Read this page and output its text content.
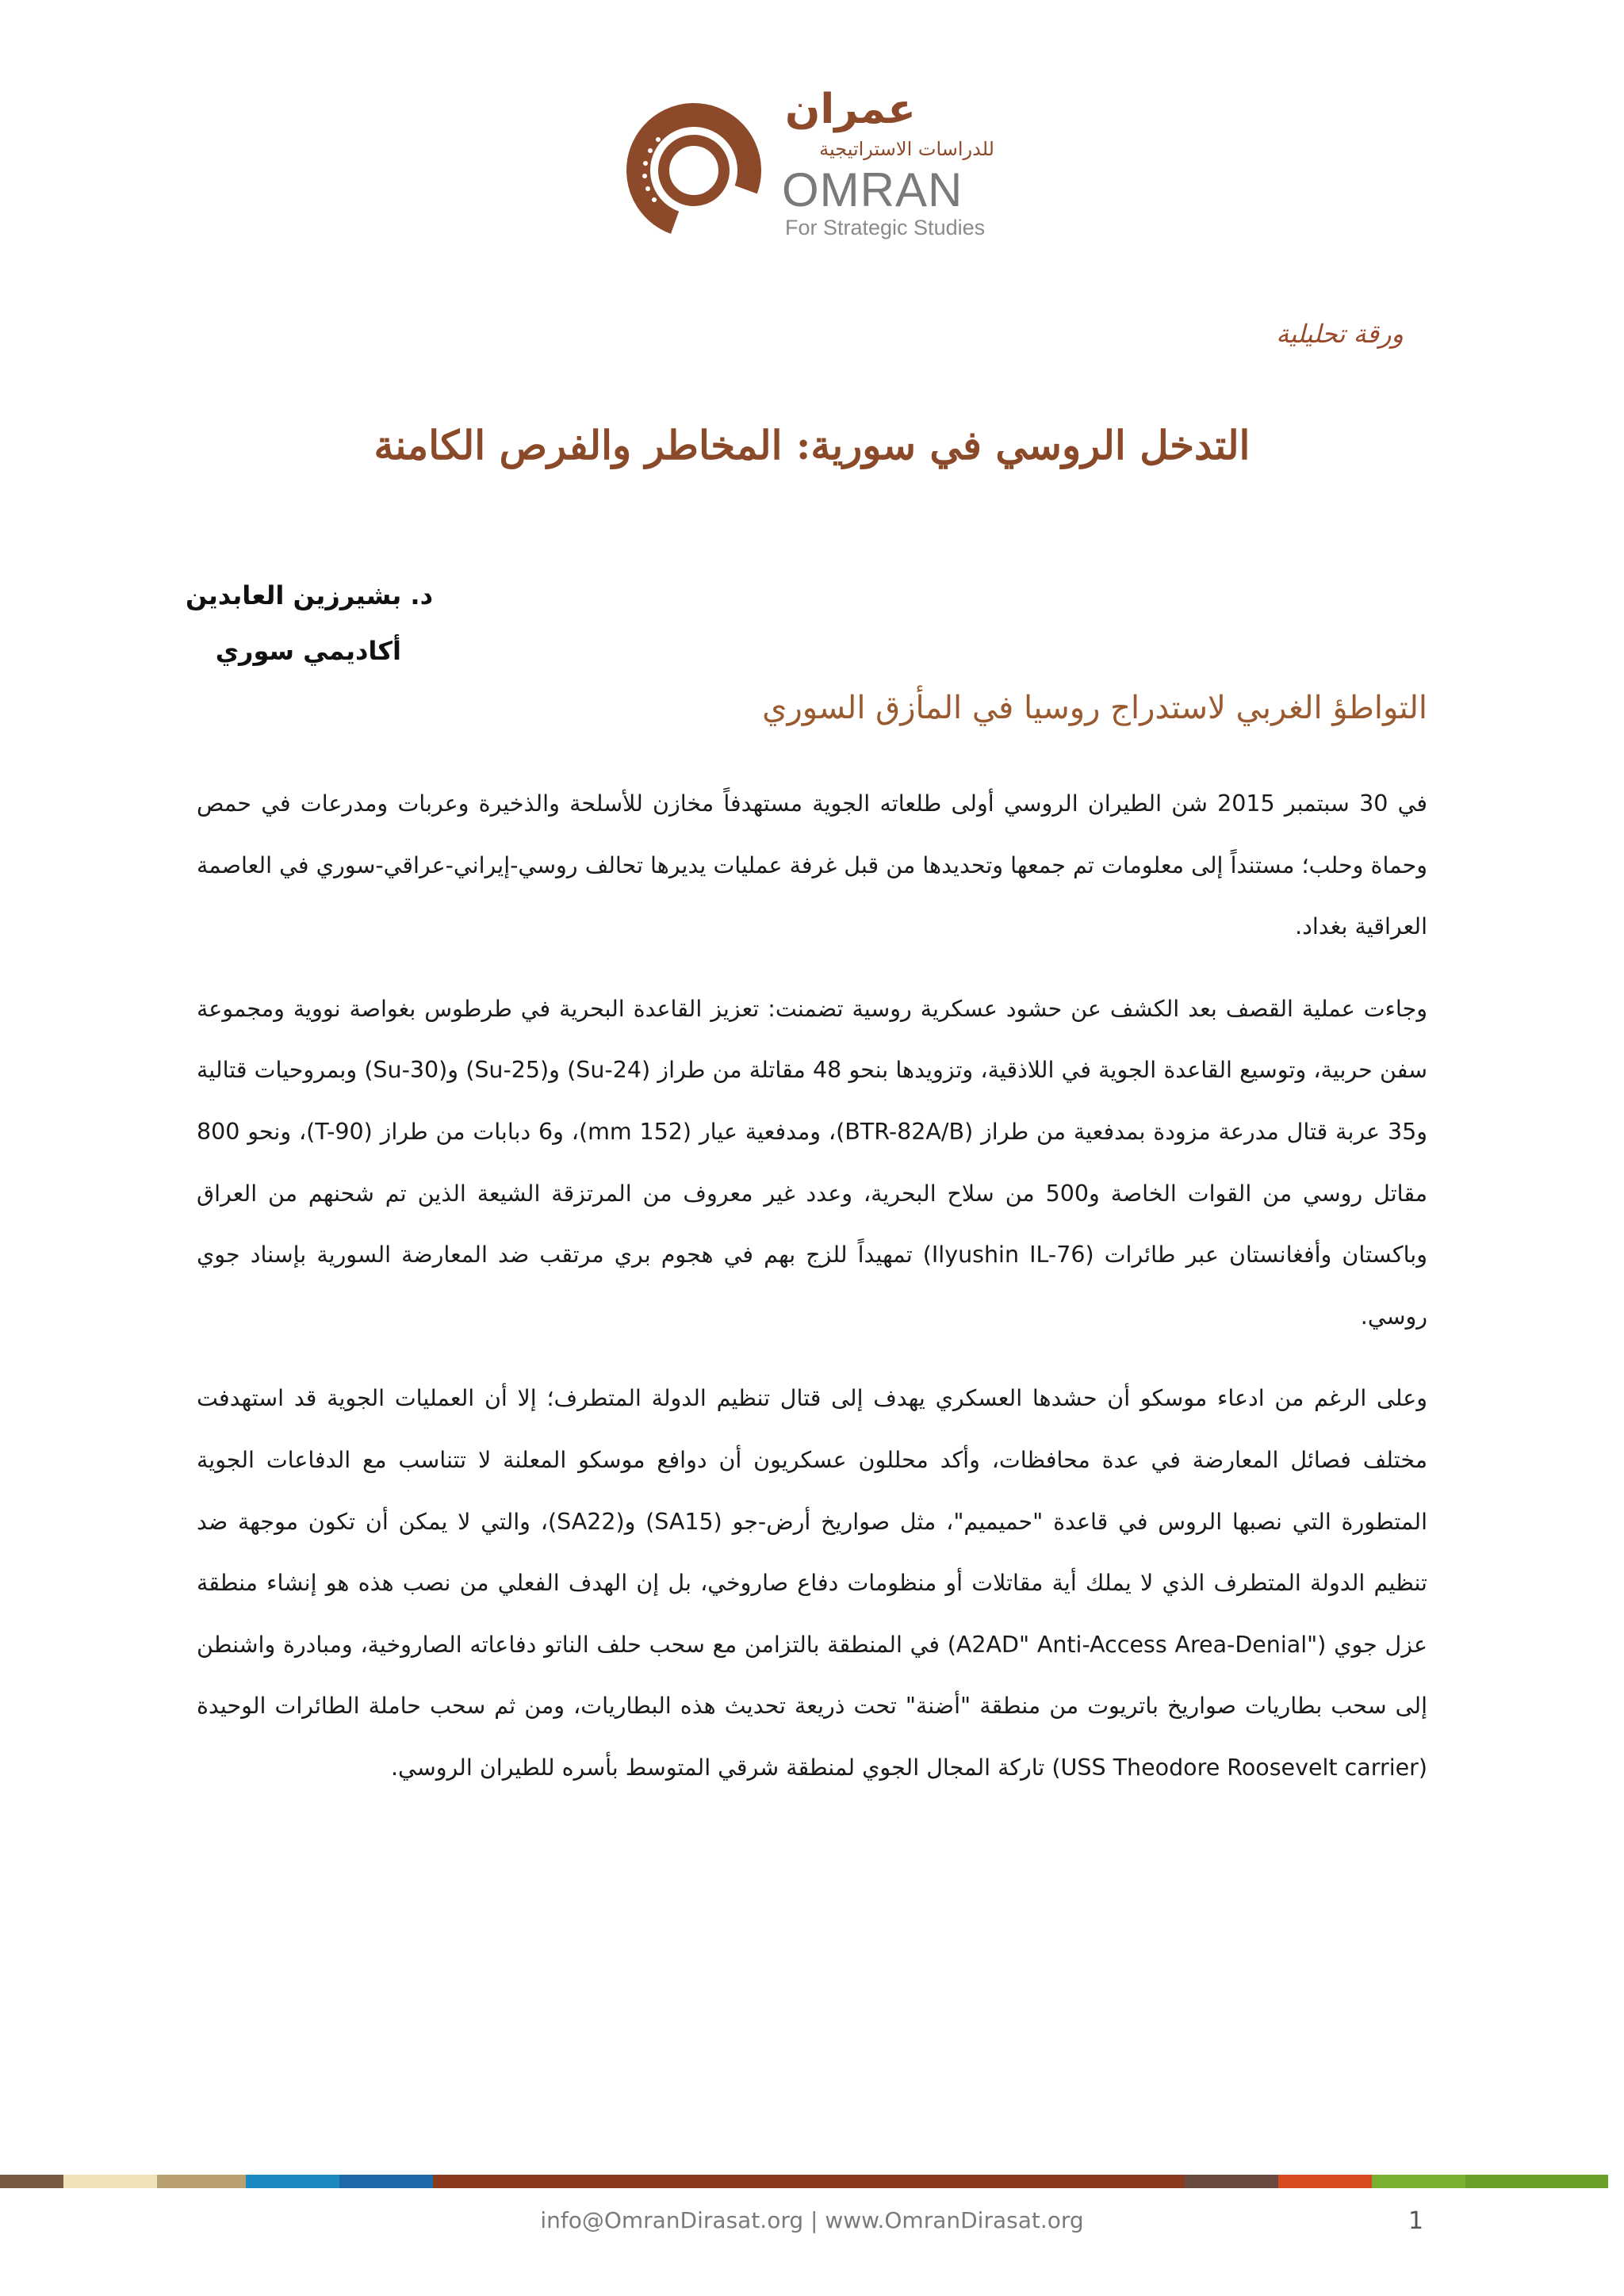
عمران
للدراسات الاستراتيجية
OMRAN
For Strategic Studies
ورقة تحليلية
التدخل الروسي في سورية: المخاطر والفرص الكامنة
د. بشيرزين العابدين
أكاديمي سوري
التواطؤ الغربي لاستدراج روسيا في المأزق السوري

في 30 سبتمبر 2015 شن الطيران الروسي أولى طلعاته الجوية مستهدفاً مخازن للأسلحة والذخيرة وعربات ومدرعات في حمص وحماة وحلب؛ مستنداً إلى معلومات تم جمعها وتحديدها من قبل غرفة عمليات يديرها تحالف روسي-إيراني-عراقي-سوري في العاصمة العراقية بغداد.

وجاءت عملية القصف بعد الكشف عن حشود عسكرية روسية تضمنت: تعزيز القاعدة البحرية في طرطوس بغواصة نووية ومجموعة سفن حربية، وتوسيع القاعدة الجوية في اللاذقية، وتزويدها بنحو 48 مقاتلة من طراز (Su-24) و(Su-25) و(Su-30) وبمروحيات قتالية و35 عربة قتال مدرعة مزودة بمدفعية من طراز (BTR-82A/B)، ومدفعية عيار (152 mm)، و6 دبابات من طراز (T-90)، ونحو 800 مقاتل روسي من القوات الخاصة و500 من سلاح البحرية، وعدد غير معروف من المرتزقة الشيعة الذين تم شحنهم من العراق وباكستان وأفغانستان عبر طائرات (Ilyushin IL-76) تمهيداً للزج بهم في هجوم بري مرتقب ضد المعارضة السورية بإسناد جوي روسي.

وعلى الرغم من ادعاء موسكو أن حشدها العسكري يهدف إلى قتال تنظيم الدولة المتطرف؛ إلا أن العمليات الجوية قد استهدفت مختلف فصائل المعارضة في عدة محافظات، وأكد محللون عسكريون أن دوافع موسكو المعلنة لا تتناسب مع الدفاعات الجوية المتطورة التي نصبها الروس في قاعدة "حميميم"، مثل صواريخ أرض-جو (SA15) و(SA22)، والتي لا يمكن أن تكون موجهة ضد تنظيم الدولة المتطرف الذي لا يملك أية مقاتلات أو منظومات دفاع صاروخي، بل إن الهدف الفعلي من نصب هذه هو إنشاء منطقة عزل جوي ("A2AD" Anti-Access Area-Denial) في المنطقة بالتزامن مع سحب حلف الناتو دفاعاته الصاروخية، ومبادرة واشنطن إلى سحب بطاريات صواريخ باتريوت من منطقة "أضنة" تحت ذريعة تحديث هذه البطاريات، ومن ثم سحب حاملة الطائرات الوحيدة (USS Theodore Roosevelt carrier) تاركة المجال الجوي لمنطقة شرقي المتوسط بأسره للطيران الروسي.

info@OmranDirasat.org | www.OmranDirasat.org	1
